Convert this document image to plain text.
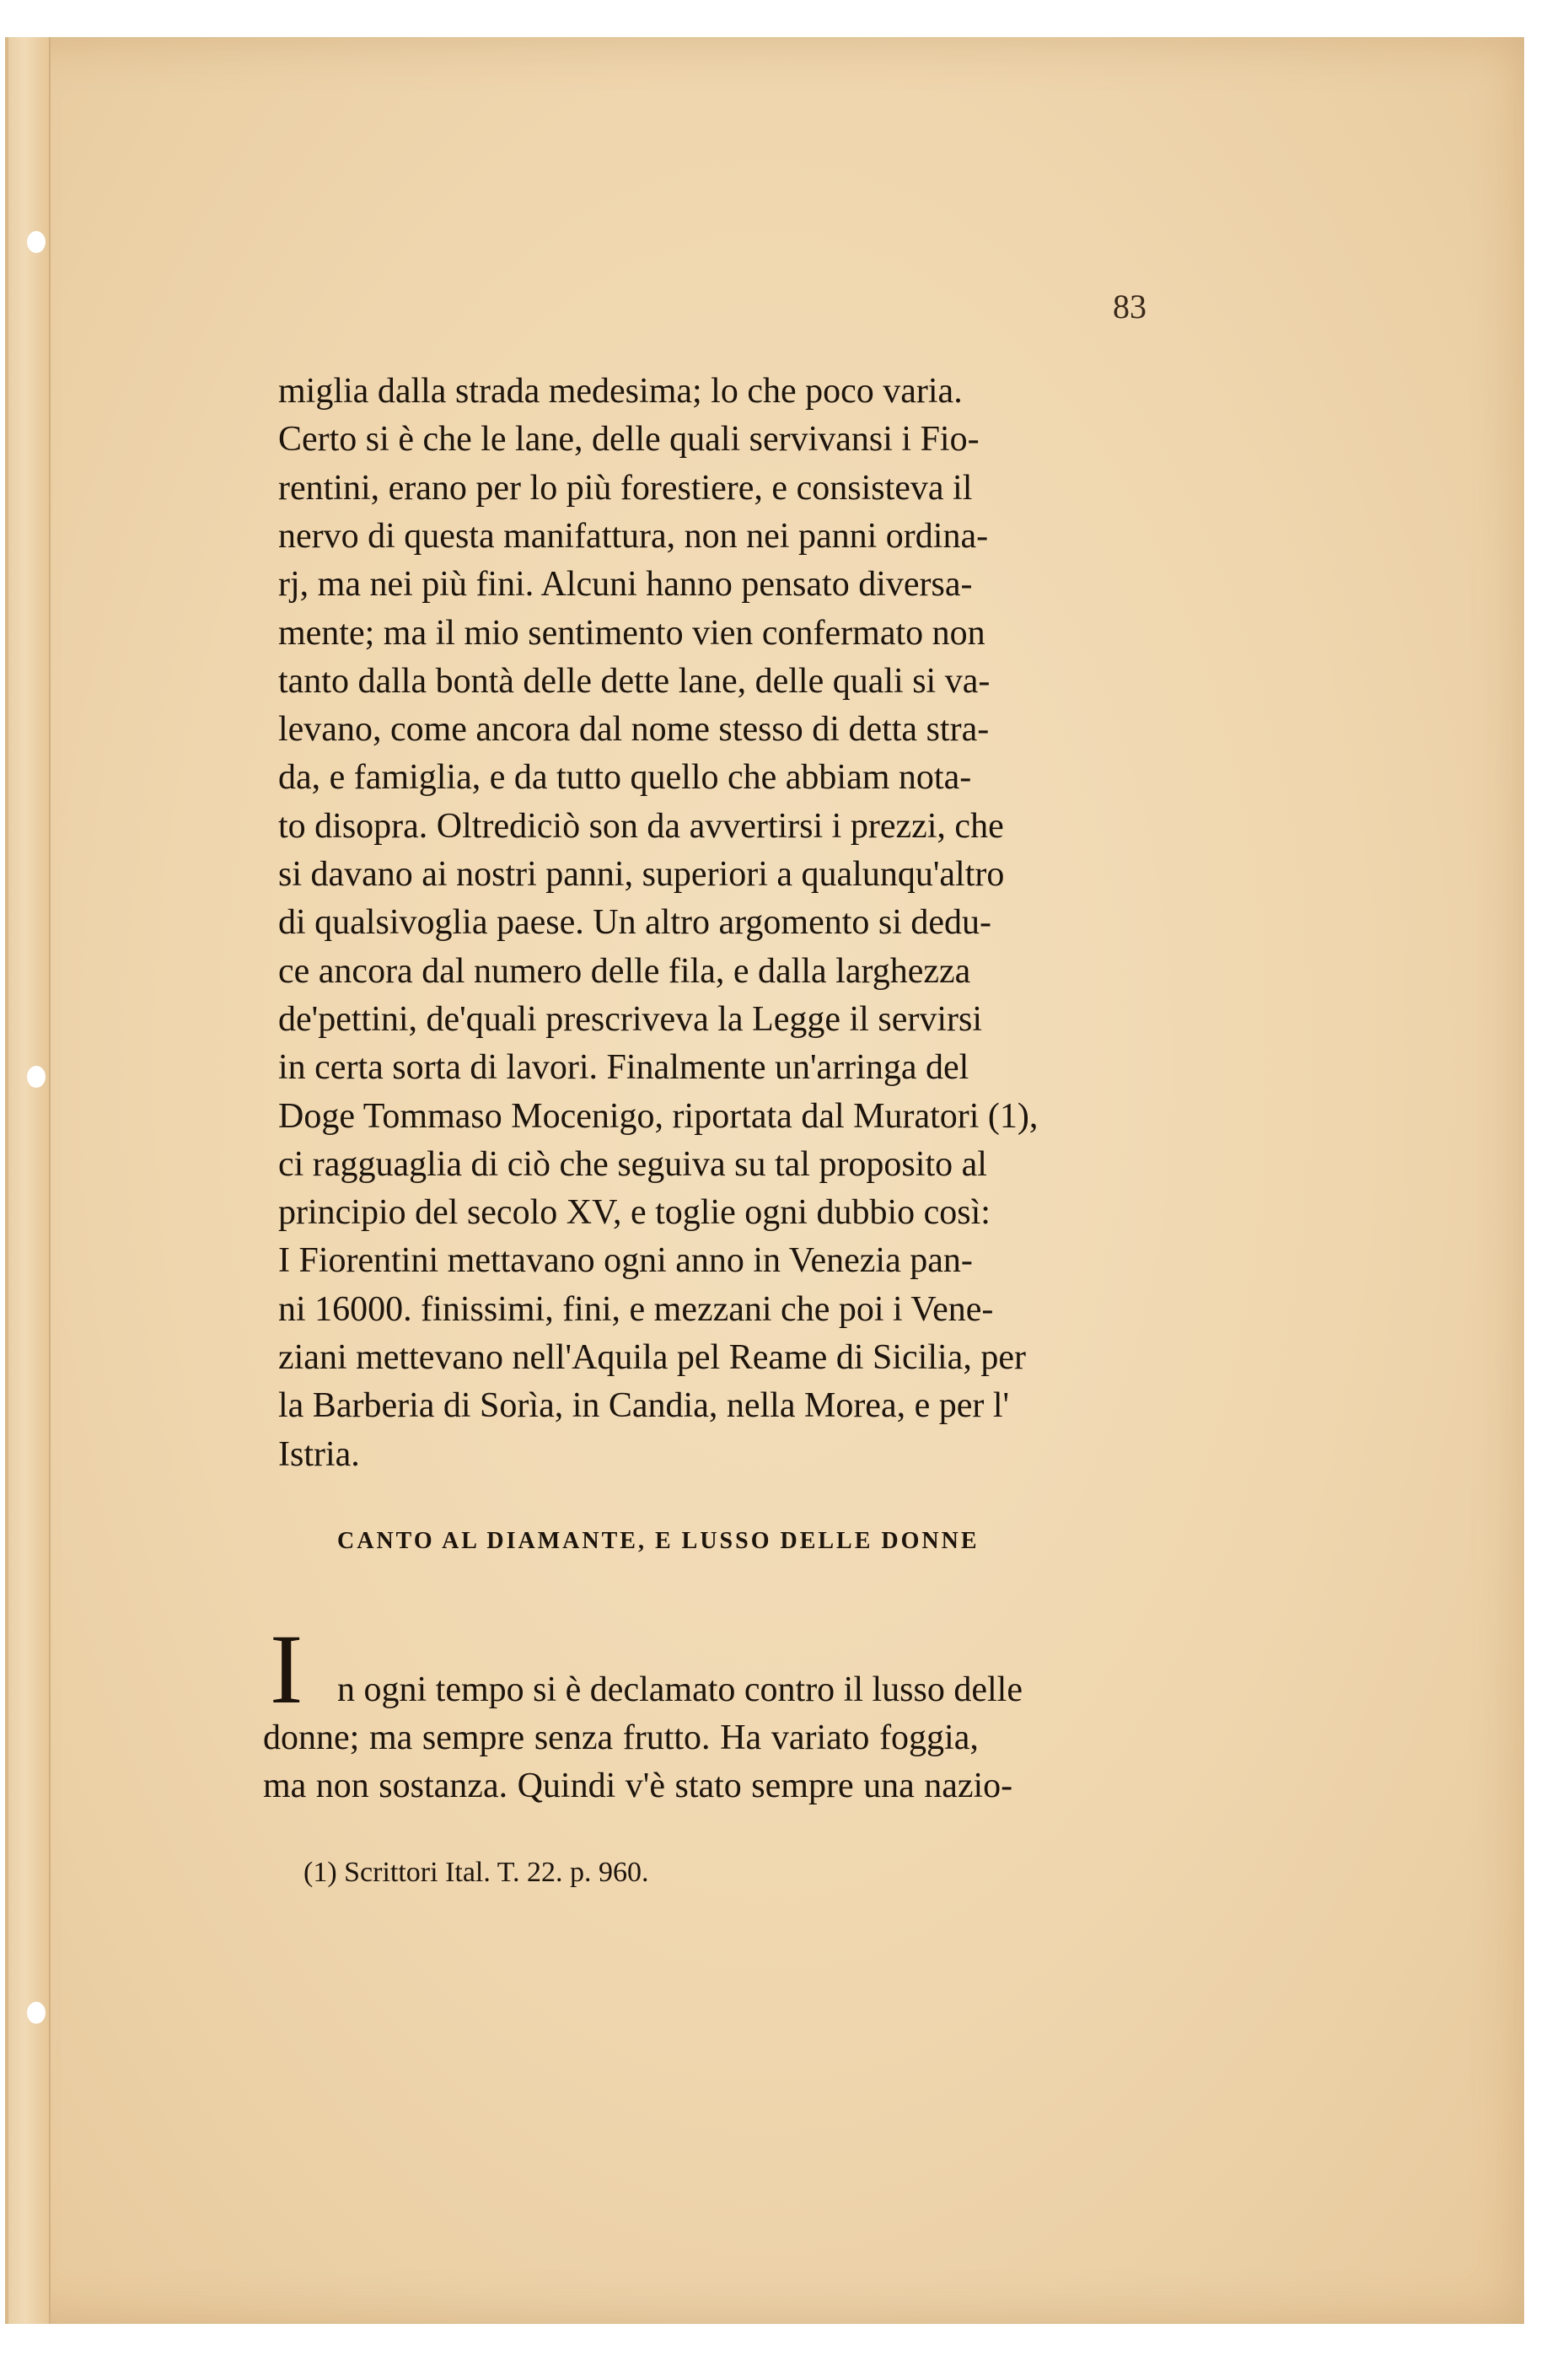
83
miglia dalla strada medesima; lo che poco varia.
Certo si è che le lane, delle quali servivansi i Fio-
rentini, erano per lo più forestiere, e consisteva il
nervo di questa manifattura, non nei panni ordina-
rj, ma nei più fini. Alcuni hanno pensato diversa-
mente; ma il mio sentimento vien confermato non
tanto dalla bontà delle dette lane, delle quali si va-
levano, come ancora dal nome stesso di detta stra-
da, e famiglia, e da tutto quello che abbiam nota-
to disopra. Oltrediciò son da avvertirsi i prezzi, che
si davano ai nostri panni, superiori a qualunqu'altro
di qualsivoglia paese. Un altro argomento si dedu-
ce ancora dal numero delle fila, e dalla larghezza
de'pettini, de'quali prescriveva la Legge il servirsi
in certa sorta di lavori. Finalmente un'arringa del
Doge Tommaso Mocenigo, riportata dal Muratori (1),
ci ragguaglia di ciò che seguiva su tal proposito al
principio del secolo XV, e toglie ogni dubbio così:
I Fiorentini mettavano ogni anno in Venezia pan-
ni 16000. finissimi, fini, e mezzani che poi i Vene-
ziani mettevano nell'Aquila pel Reame di Sicilia, per
la Barberia di Sorìa, in Candia, nella Morea, e per l'
Istria.
CANTO AL DIAMANTE, E LUSSO DELLE DONNE
I n ogni tempo si è declamato contro il lusso delle
donne; ma sempre senza frutto. Ha variato foggia,
ma non sostanza. Quindi v'è stato sempre una nazio-
(1) Scrittori Ital. T. 22. p. 960.
